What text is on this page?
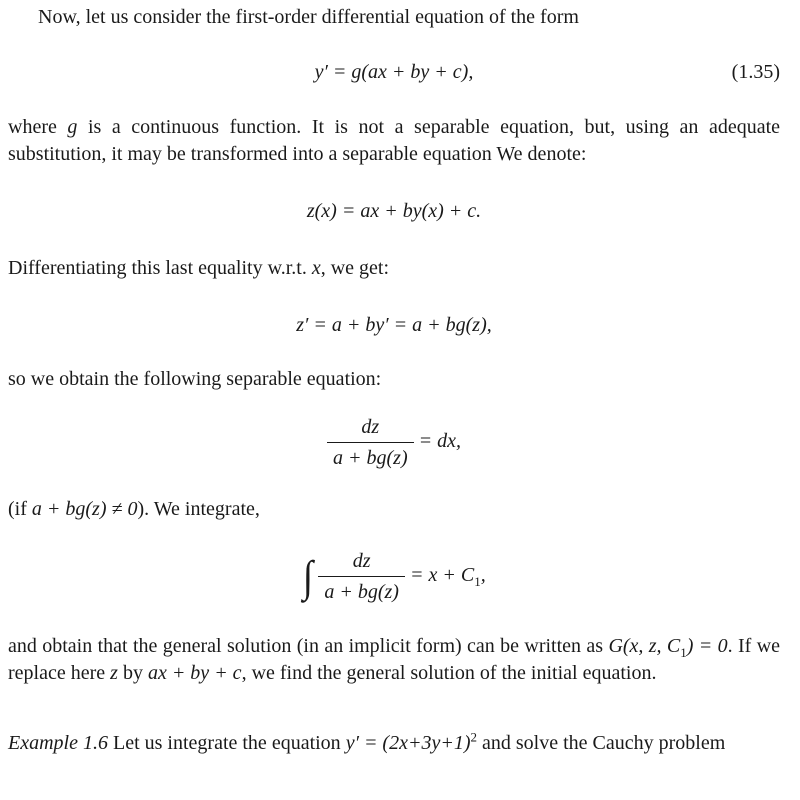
Now, let us consider the first-order differential equation of the form

y′ = g(ax + by + c),	(1.35)

where g is a continuous function. It is not a separable equation, but, using an adequate substitution, it may be transformed into a separable equation We denote:

z(x) = ax + by(x) + c.

Differentiating this last equality w.r.t. x, we get:

z′ = a + by′ = a + bg(z),

so we obtain the following separable equation:

$\frac{dz}{a + bg(z)}$ = dx,

(if a + bg(z) ≠ 0). We integrate,

∫ $\frac{dz}{a + bg(z)} = x + C_1$,

and obtain that the general solution (in an implicit form) can be written as G(x, z, $C_1) = 0$. If we replace here z by ax + by + c, we find the general solution of the initial equation.

Example 1.6 Let us integrate the equation $y' = (2x+3y+1)^2$ and solve the Cauchy problem
